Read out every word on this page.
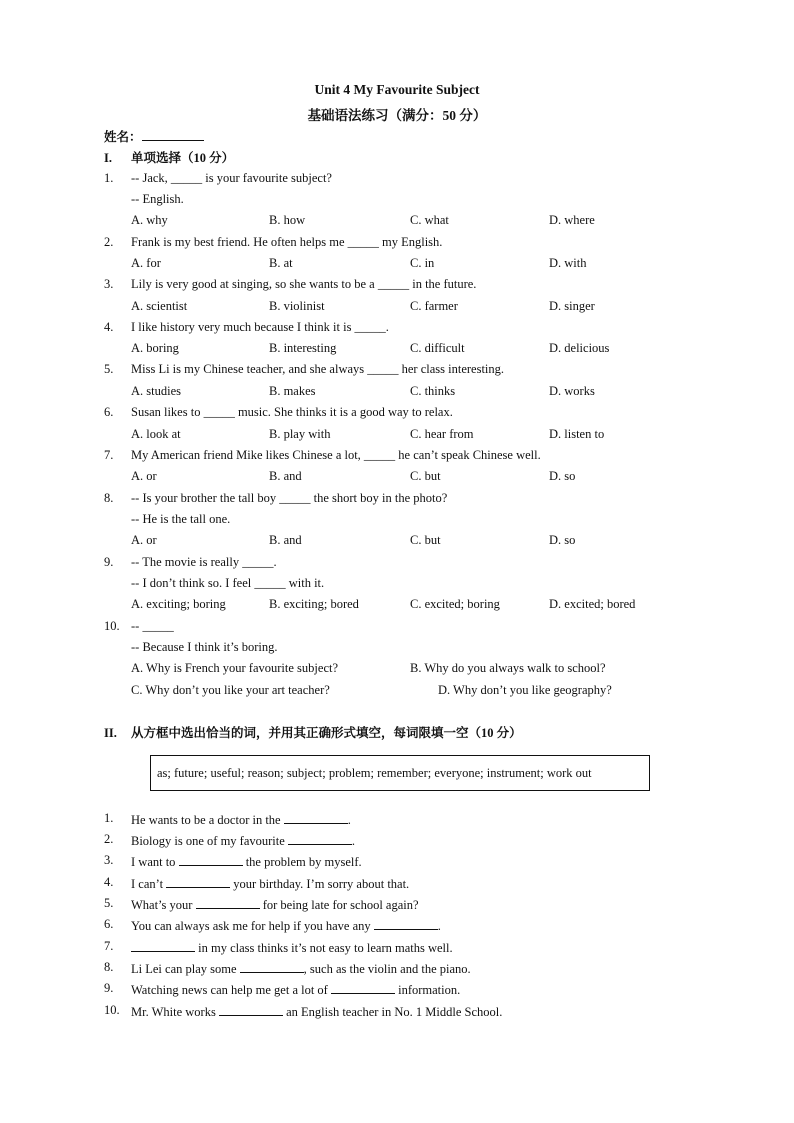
Unit 4 My Favourite Subject
基础语法练习（满分：50 分）
姓名：
I. 单项选择（10 分）
1. -- Jack, _____ is your favourite subject?
-- English.
A. why	B. how	C. what	D. where
2. Frank is my best friend. He often helps me _____ my English.
A. for	B. at	C. in	D. with
3. Lily is very good at singing, so she wants to be a _____ in the future.
A. scientist	B. violinist	C. farmer	D. singer
4. I like history very much because I think it is _____.
A. boring	B. interesting	C. difficult	D. delicious
5. Miss Li is my Chinese teacher, and she always _____ her class interesting.
A. studies	B. makes	C. thinks	D. works
6. Susan likes to _____ music. She thinks it is a good way to relax.
A. look at	B. play with	C. hear from	D. listen to
7. My American friend Mike likes Chinese a lot, _____ he can’t speak Chinese well.
A. or	B. and	C. but	D. so
8. -- Is your brother the tall boy _____ the short boy in the photo?
-- He is the tall one.
A. or	B. and	C. but	D. so
9. -- The movie is really _____.
-- I don’t think so. I feel _____ with it.
A. exciting; boring	B. exciting; bored	C. excited; boring	D. excited; bored
10. -- _____
-- Because I think it’s boring.
A. Why is French your favourite subject?	B. Why do you always walk to school?
C. Why don’t you like your art teacher?	D. Why don’t you like geography?
II. 从方框中选出恰当的词，并用其正确形式填空，每词限填一空（10 分）
as; future; useful; reason; subject; problem; remember; everyone; instrument; work out
1. He wants to be a doctor in the	.
2. Biology is one of my favourite	.
3. I want to	the problem by myself.
4. I can’t	your birthday. I’m sorry about that.
5. What’s your	for being late for school again?
6. You can always ask me for help if you have any	.
7.	in my class thinks it’s not easy to learn maths well.
8. Li Lei can play some	, such as the violin and the piano.
9. Watching news can help me get a lot of	information.
10. Mr. White works	an English teacher in No. 1 Middle School.
